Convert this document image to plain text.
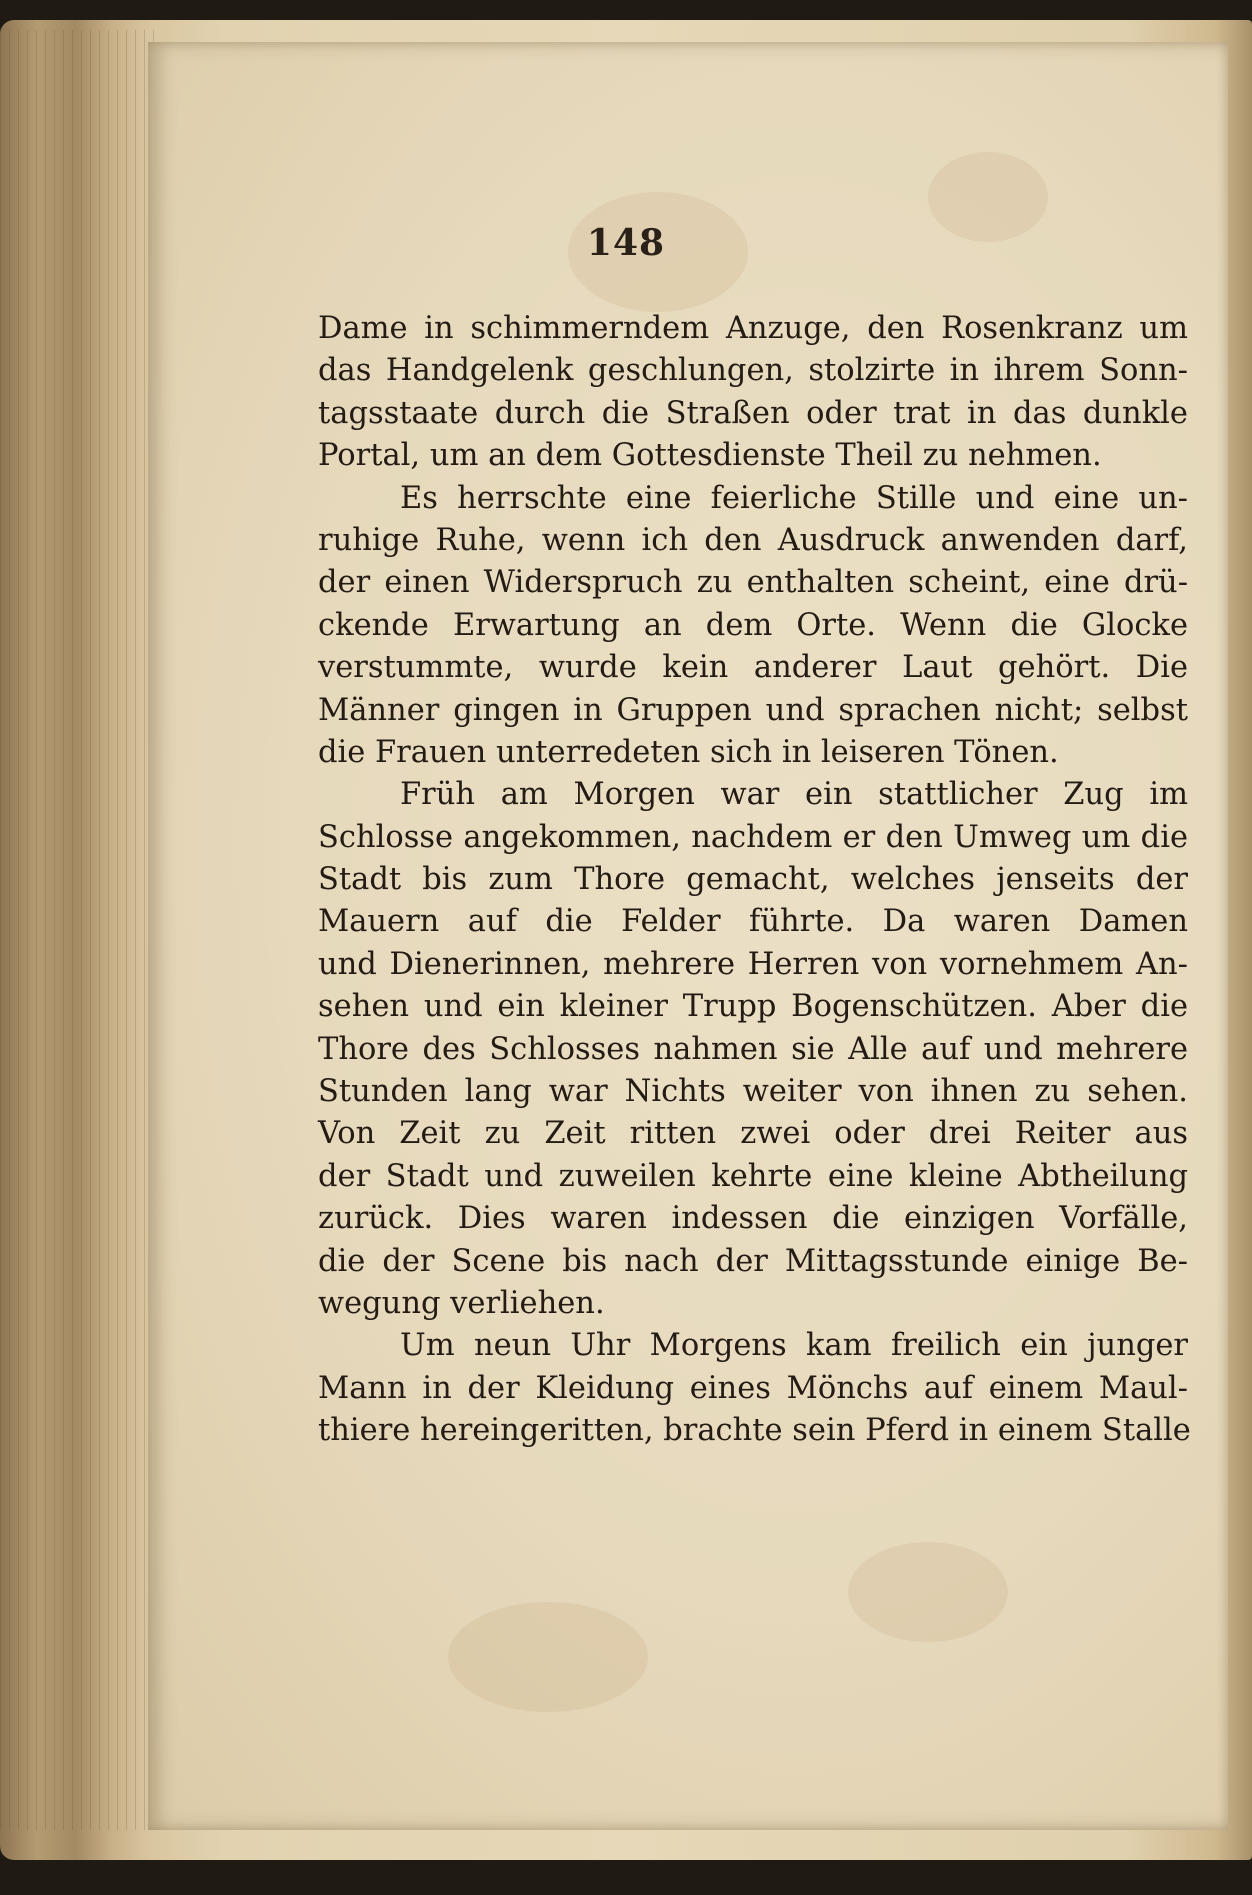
148
Dame in schimmerndem Anzuge, den Rosenkranz um
das Handgelenk geschlungen, stolzirte in ihrem Sonn-
tagsstaate durch die Straßen oder trat in das dunkle
Portal, um an dem Gottesdienste Theil zu nehmen.
Es herrschte eine feierliche Stille und eine un-
ruhige Ruhe, wenn ich den Ausdruck anwenden darf,
der einen Widerspruch zu enthalten scheint, eine drü-
ckende Erwartung an dem Orte. Wenn die Glocke
verstummte, wurde kein anderer Laut gehört. Die
Männer gingen in Gruppen und sprachen nicht; selbst
die Frauen unterredeten sich in leiseren Tönen.
Früh am Morgen war ein stattlicher Zug im
Schlosse angekommen, nachdem er den Umweg um die
Stadt bis zum Thore gemacht, welches jenseits der
Mauern auf die Felder führte. Da waren Damen
und Dienerinnen, mehrere Herren von vornehmem An-
sehen und ein kleiner Trupp Bogenschützen. Aber die
Thore des Schlosses nahmen sie Alle auf und mehrere
Stunden lang war Nichts weiter von ihnen zu sehen.
Von Zeit zu Zeit ritten zwei oder drei Reiter aus
der Stadt und zuweilen kehrte eine kleine Abtheilung
zurück. Dies waren indessen die einzigen Vorfälle,
die der Scene bis nach der Mittagsstunde einige Be-
wegung verliehen.
Um neun Uhr Morgens kam freilich ein junger
Mann in der Kleidung eines Mönchs auf einem Maul-
thiere hereingeritten, brachte sein Pferd in einem Stalle
